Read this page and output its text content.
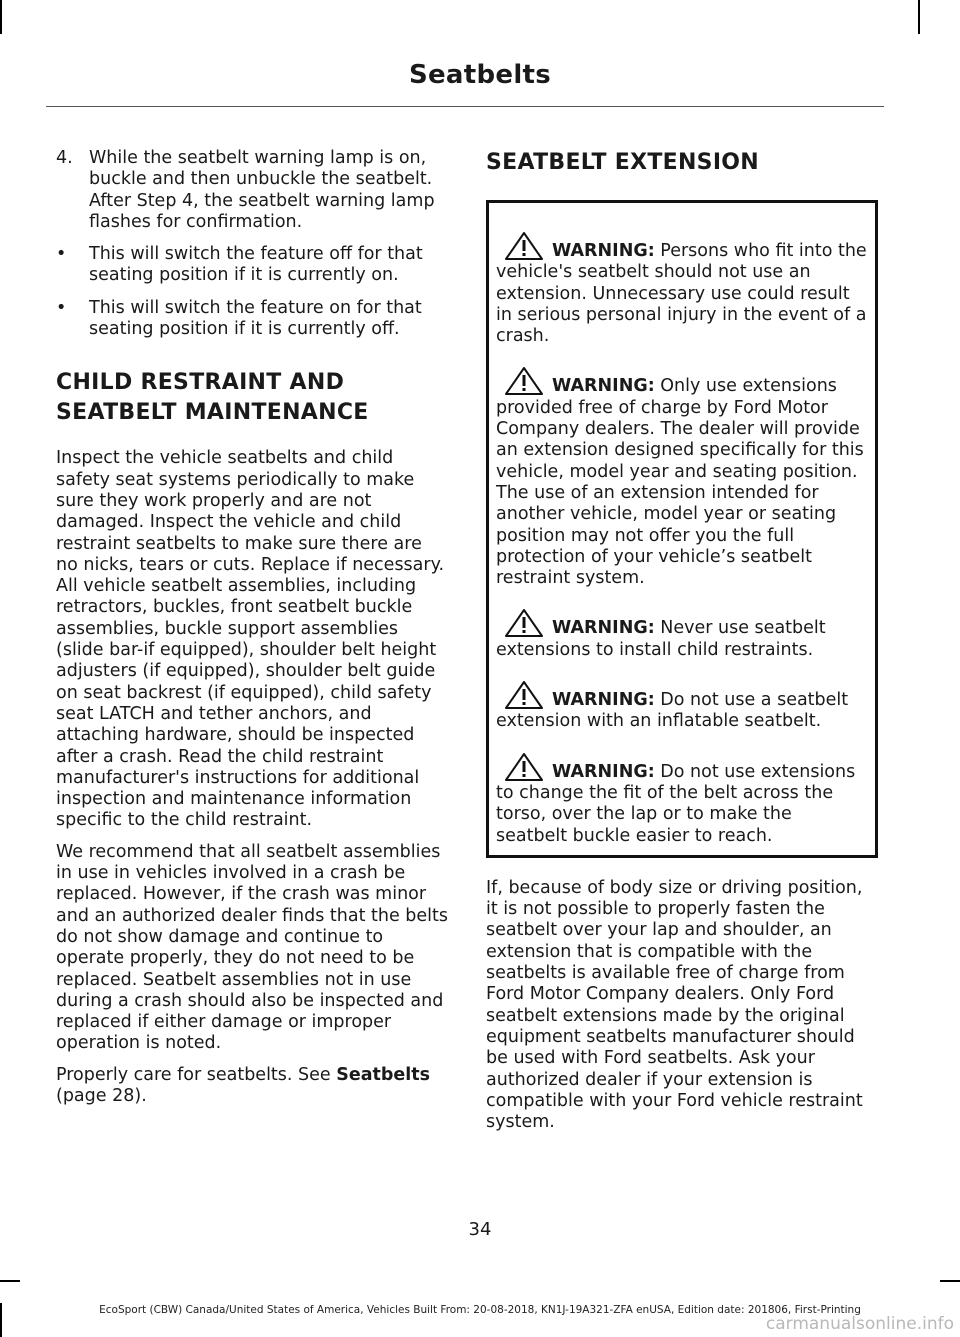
Seatbelts
4. While the seatbelt warning lamp is on, buckle and then unbuckle the seatbelt. After Step 4, the seatbelt warning lamp flashes for confirmation.
•	This will switch the feature off for that seating position if it is currently on.
•	This will switch the feature on for that seating position if it is currently off.
CHILD RESTRAINT AND
SEATBELT MAINTENANCE

Inspect the vehicle seatbelts and child safety seat systems periodically to make sure they work properly and are not damaged. Inspect the vehicle and child restraint seatbelts to make sure there are no nicks, tears or cuts. Replace if necessary. All vehicle seatbelt assemblies, including retractors, buckles, front seatbelt buckle assemblies, buckle support assemblies (slide bar-if equipped), shoulder belt height adjusters (if equipped), shoulder belt guide on seat backrest (if equipped), child safety seat LATCH and tether anchors, and attaching hardware, should be inspected after a crash. Read the child restraint manufacturer's instructions for additional inspection and maintenance information specific to the child restraint.

We recommend that all seatbelt assemblies in use in vehicles involved in a crash be replaced. However, if the crash was minor and an authorized dealer finds that the belts do not show damage and continue to operate properly, they do not need to be replaced. Seatbelt assemblies not in use during a crash should also be inspected and replaced if either damage or improper operation is noted.

Properly care for seatbelts. See Seatbelts
(page 28).

SEATBELT EXTENSION

WARNING: Persons who fit into the vehicle's seatbelt should not use an extension. Unnecessary use could result in serious personal injury in the event of a crash.

WARNING: Only use extensions provided free of charge by Ford Motor Company dealers. The dealer will provide an extension designed specifically for this vehicle, model year and seating position. The use of an extension intended for another vehicle, model year or seating position may not offer you the full protection of your vehicle’s seatbelt restraint system.

WARNING: Never use seatbelt extensions to install child restraints.

WARNING: Do not use a seatbelt extension with an inflatable seatbelt.

WARNING: Do not use extensions to change the fit of the belt across the torso, over the lap or to make the seatbelt buckle easier to reach.

If, because of body size or driving position, it is not possible to properly fasten the seatbelt over your lap and shoulder, an extension that is compatible with the seatbelts is available free of charge from Ford Motor Company dealers. Only Ford seatbelt extensions made by the original equipment seatbelts manufacturer should be used with Ford seatbelts. Ask your authorized dealer if your extension is compatible with your Ford vehicle restraint system.

34
EcoSport (CBW) Canada/United States of America, Vehicles Built From: 20-08-2018, KN1J-19A321-ZFA enUSA, Edition date: 201806, First-Printing
carmanualsonline.info
